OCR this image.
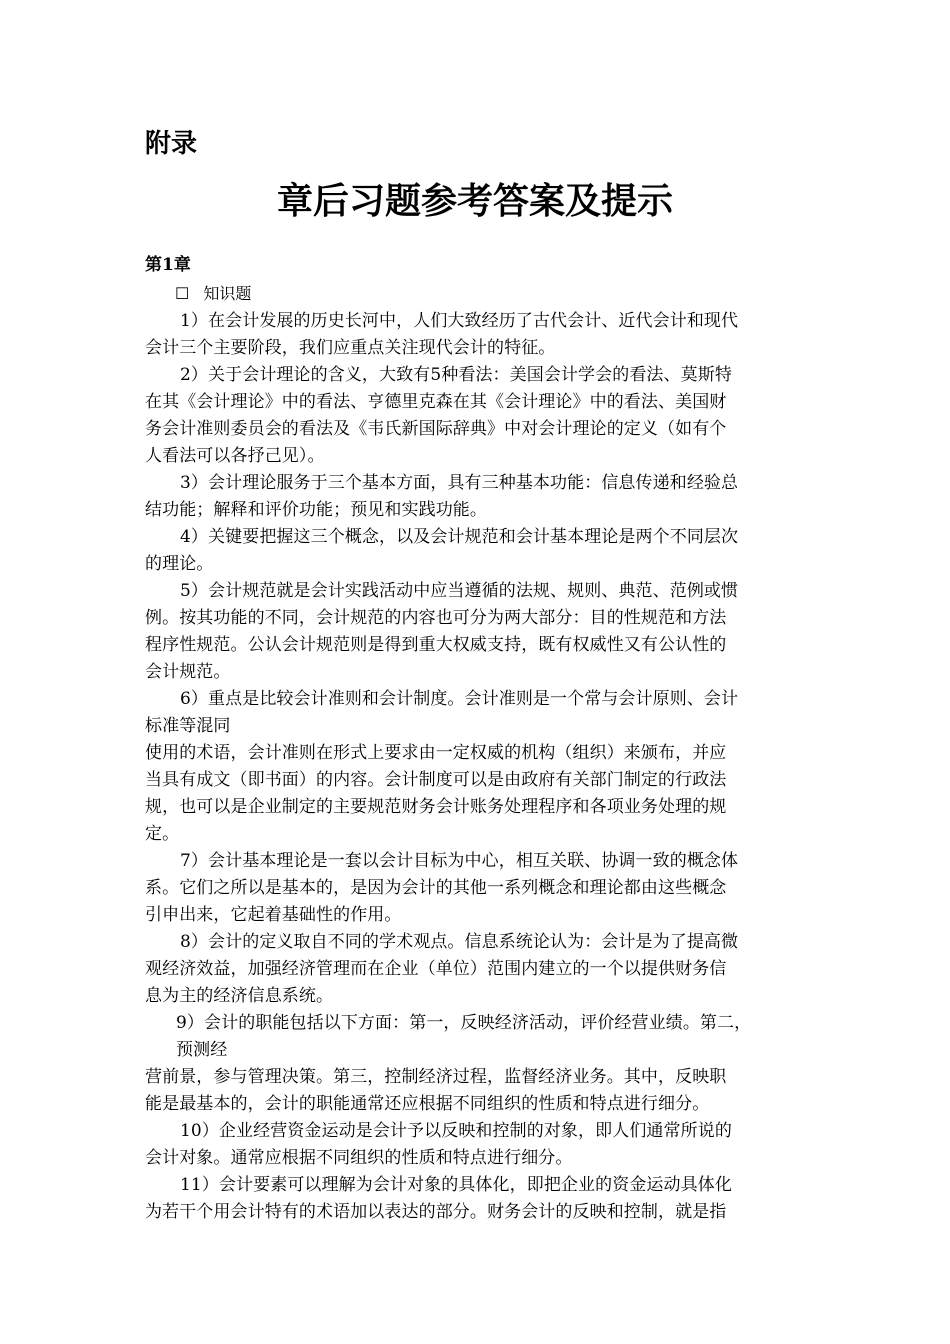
附录
章后习题参考答案及提示
第1章
☐ 知识题
1）在会计发展的历史长河中，人们大致经历了古代会计、近代会计和现代
会计三个主要阶段，我们应重点关注现代会计的特征。
2）关于会计理论的含义，大致有5种看法：美国会计学会的看法、莫斯特
在其《会计理论》中的看法、亨德里克森在其《会计理论》中的看法、美国财
务会计准则委员会的看法及《韦氏新国际辞典》中对会计理论的定义（如有个
人看法可以各抒己见）。
3）会计理论服务于三个基本方面，具有三种基本功能：信息传递和经验总
结功能；解释和评价功能；预见和实践功能。
4）关键要把握这三个概念，以及会计规范和会计基本理论是两个不同层次
的理论。
5）会计规范就是会计实践活动中应当遵循的法规、规则、典范、范例或惯
例。按其功能的不同，会计规范的内容也可分为两大部分：目的性规范和方法
程序性规范。公认会计规范则是得到重大权威支持，既有权威性又有公认性的
会计规范。
6）重点是比较会计准则和会计制度。会计准则是一个常与会计原则、会计
标准等混同
使用的术语，会计准则在形式上要求由一定权威的机构（组织）来颁布，并应
当具有成文（即书面）的内容。会计制度可以是由政府有关部门制定的行政法
规，也可以是企业制定的主要规范财务会计账务处理程序和各项业务处理的规
定。
7）会计基本理论是一套以会计目标为中心，相互关联、协调一致的概念体
系。它们之所以是基本的，是因为会计的其他一系列概念和理论都由这些概念
引申出来，它起着基础性的作用。
8）会计的定义取自不同的学术观点。信息系统论认为：会计是为了提高微
观经济效益，加强经济管理而在企业（单位）范围内建立的一个以提供财务信
息为主的经济信息系统。
9）会计的职能包括以下方面：第一，反映经济活动，评价经营业绩。第二，
预测经
营前景，参与管理决策。第三，控制经济过程，监督经济业务。其中，反映职
能是最基本的，会计的职能通常还应根据不同组织的性质和特点进行细分。
10）企业经营资金运动是会计予以反映和控制的对象，即人们通常所说的
会计对象。通常应根据不同组织的性质和特点进行细分。
11）会计要素可以理解为会计对象的具体化，即把企业的资金运动具体化
为若干个用会计特有的术语加以表达的部分。财务会计的反映和控制，就是指
